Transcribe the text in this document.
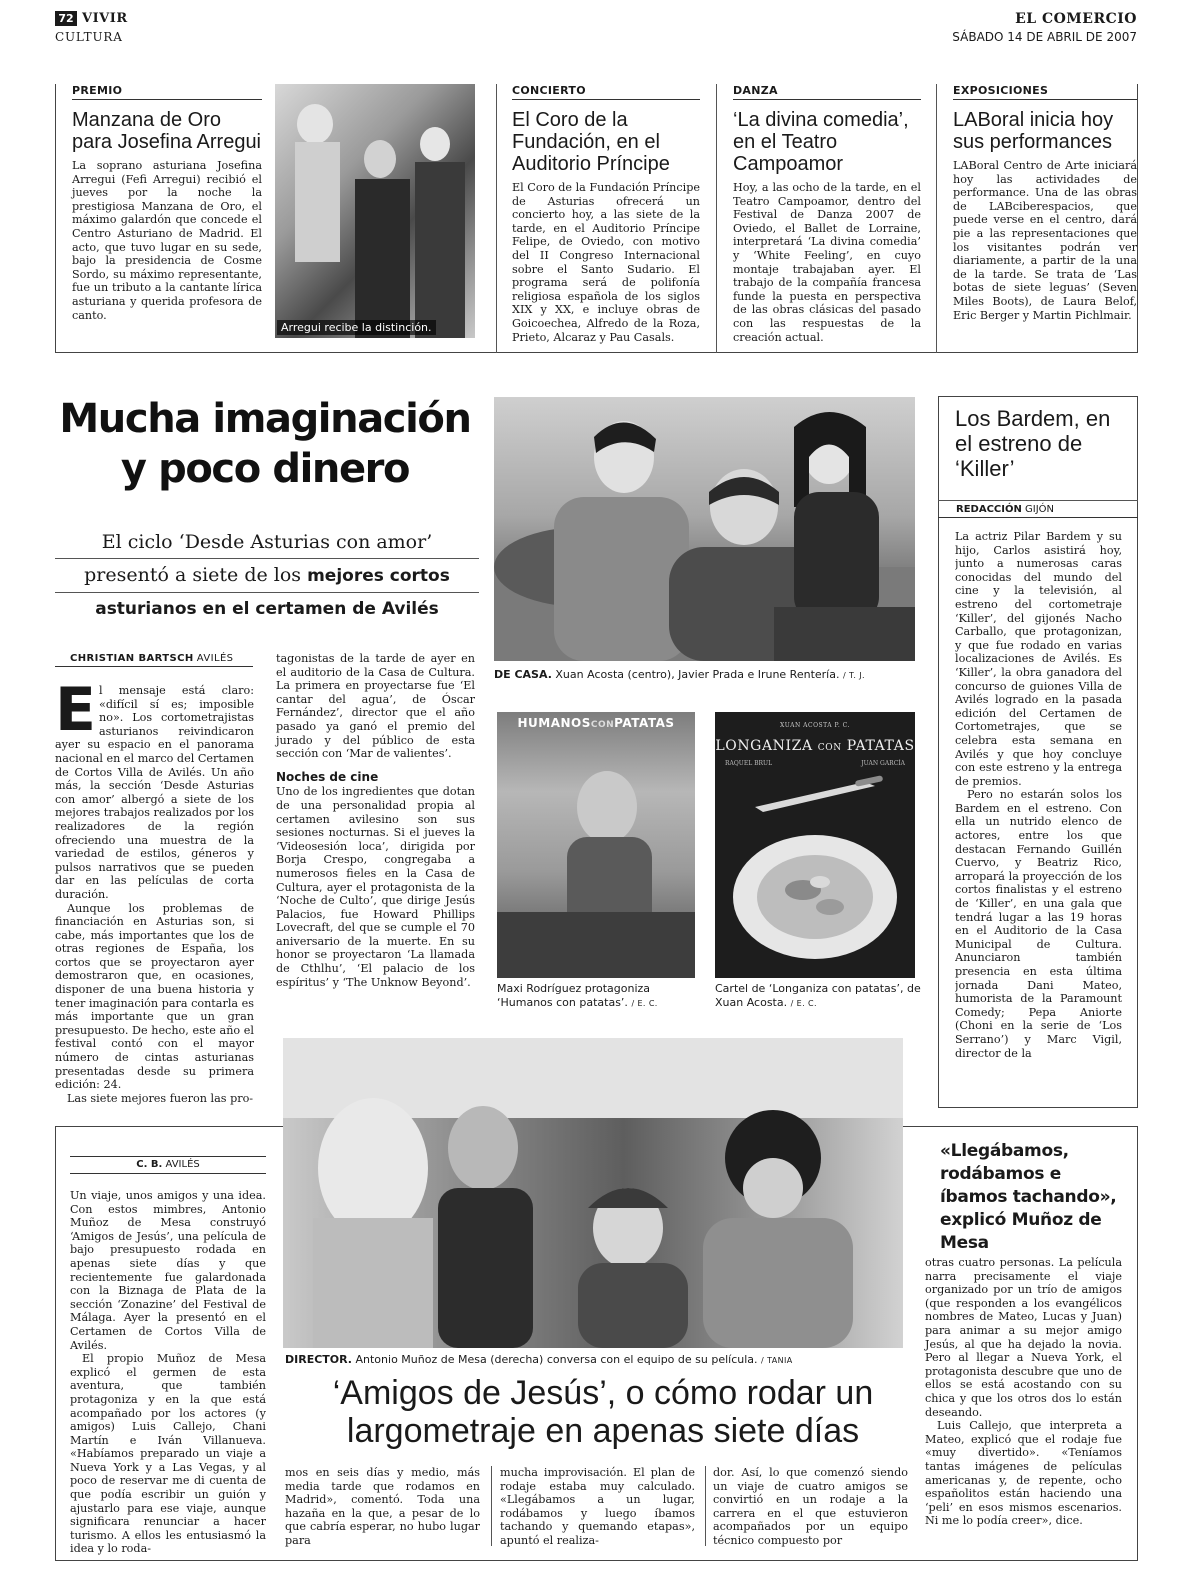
72 VIVIR
CULTURA
EL COMERCIO
SÁBADO 14 DE ABRIL DE 2007
PREMIO
Manzana de Oro para Josefina Arregui
La soprano asturiana Josefina Arregui (Fefi Arregui) recibió el jueves por la noche la prestigiosa Manzana de Oro, el máximo galardón que concede el Centro Asturiano de Madrid. El acto, que tuvo lugar en su sede, bajo la presidencia de Cosme Sordo, su máximo representante, fue un tributo a la cantante lírica asturiana y querida profesora de canto.
Arregui recibe la distinción.
CONCIERTO
El Coro de la Fundación, en el Auditorio Príncipe
El Coro de la Fundación Príncipe de Asturias ofrecerá un concierto hoy, a las siete de la tarde, en el Auditorio Príncipe Felipe, de Oviedo, con motivo del II Congreso Internacional sobre el Santo Sudario. El programa será de polifonía religiosa española de los siglos XIX y XX, e incluye obras de Goicoechea, Alfredo de la Roza, Prieto, Alcaraz y Pau Casals.
DANZA
‘La divina comedia’, en el Teatro Campoamor
Hoy, a las ocho de la tarde, en el Teatro Campoamor, dentro del Festival de Danza 2007 de Oviedo, el Ballet de Lorraine, interpretará ‘La divina comedia’ y ‘White Feeling’, en cuyo montaje trabajaban ayer. El trabajo de la compañía francesa funde la puesta en perspectiva de las obras clásicas del pasado con las respuestas de la creación actual.
EXPOSICIONES
LABoral inicia hoy sus performances
LABoral Centro de Arte iniciará hoy las actividades de performance. Una de las obras de LABciberespacios, que puede verse en el centro, dará pie a las representaciones que los visitantes podrán ver diariamente, a partir de la una de la tarde. Se trata de ‘Las botas de siete leguas’ (Seven Miles Boots), de Laura Belof, Eric Berger y Martin Pichlmair.
Mucha imaginación
y poco dinero
El ciclo ‘Desde Asturias con amor’
presentó a siete de los mejores cortos
asturianos en el certamen de Avilés
CHRISTIAN BARTSCH AVILÉS

El mensaje está claro: «difícil sí es; imposible no». Los cortometrajistas asturianos reivindicaron ayer su espacio en el panorama nacional en el marco del Certamen de Cortos Villa de Avilés. Un año más, la sección ‘Desde Asturias con amor’ albergó a siete de los mejores trabajos realizados por los realizadores de la región ofreciendo una muestra de la variedad de estilos, géneros y pulsos narrativos que se pueden dar en las películas de corta duración.

Aunque los problemas de financiación en Asturias son, si cabe, más importantes que los de otras regiones de España, los cortos que se proyectaron ayer demostraron que, en ocasiones, disponer de una buena historia y tener imaginación para contarla es más importante que un gran presupuesto. De hecho, este año el festival contó con el mayor número de cintas asturianas presentadas desde su primera edición: 24.

Las siete mejores fueron las pro-

tagonistas de la tarde de ayer en el auditorio de la Casa de Cultura. La primera en proyectarse fue ‘El cantar del agua’, de Óscar Fernández’, director que el año pasado ya ganó el premio del jurado y del público de esta sección con ‘Mar de valientes’.

Noches de cine

Uno de los ingredientes que dotan de una personalidad propia al certamen avilesino son sus sesiones nocturnas. Si el jueves la ‘Videosesión loca’, dirigida por Borja Crespo, congregaba a numerosos fieles en la Casa de Cultura, ayer el protagonista de la ‘Noche de Culto’, que dirige Jesús Palacios, fue Howard Phillips Lovecraft, del que se cumple el 70 aniversario de la muerte. En su honor se proyectaron ‘La llamada de Cthlhu’, ‘El palacio de los espíritus’ y ‘The Unknow Beyond’.

DE CASA. Xuan Acosta (centro), Javier Prada e Irune Rentería. / T. J.
HUMANOSCONPATATAS
Maxi Rodríguez protagoniza ‘Humanos con patatas’. / E. C.
XUAN ACOSTA P. C.
LONGANIZA CON PATATAS
RAQUEL BRUL	JUAN GARCÍA
Cartel de ‘Longaniza con patatas’, de Xuan Acosta. / E. C.
Los Bardem, en el estreno de ‘Killer’
REDACCIÓN GIJÓN

La actriz Pilar Bardem y su hijo, Carlos asistirá hoy, junto a numerosas caras conocidas del mundo del cine y la televisión, al estreno del cortometraje ‘Killer’, del gijonés Nacho Carballo, que protagonizan, y que fue rodado en varias localizaciones de Avilés. Es ‘Killer’, la obra ganadora del concurso de guiones Villa de Avilés logrado en la pasada edición del Certamen de Cortometrajes, que se celebra esta semana en Avilés y que hoy concluye con este estreno y la entrega de premios.

Pero no estarán solos los Bardem en el estreno. Con ella un nutrido elenco de actores, entre los que destacan Fernando Guillén Cuervo, y Beatriz Rico, arropará la proyección de los cortos finalistas y el estreno de ‘Killer’, en una gala que tendrá lugar a las 19 horas en el Auditorio de la Casa Municipal de Cultura. Anunciaron también presencia en esta última jornada Dani Mateo, humorista de la Paramount Comedy; Pepa Aniorte (Choni en la serie de ‘Los Serrano’) y Marc Vigil, director de la

C. B. AVILÉS

Un viaje, unos amigos y una idea. Con estos mimbres, Antonio Muñoz de Mesa construyó ‘Amigos de Jesús’, una película de bajo presupuesto rodada en apenas siete días y que recientemente fue galardonada con la Biznaga de Plata de la sección ‘Zonazine’ del Festival de Málaga. Ayer la presentó en el Certamen de Cortos Villa de Avilés.

El propio Muñoz de Mesa explicó el germen de esta aventura, que también protagoniza y en la que está acompañado por los actores (y amigos) Luis Callejo, Chani Martín e Iván Villanueva. «Habíamos preparado un viaje a Nueva York y a Las Vegas, y al poco de reservar me di cuenta de que podía escribir un guión y ajustarlo para ese viaje, aunque significara renunciar a hacer turismo. A ellos les entusiasmó la idea y lo roda-

DIRECTOR. Antonio Muñoz de Mesa (derecha) conversa con el equipo de su película. / TANIA
‘Amigos de Jesús’, o cómo rodar un
largometraje en apenas siete días
mos en seis días y medio, más media tarde que rodamos en Madrid», comentó. Toda una hazaña en la que, a pesar de lo que cabría esperar, no hubo lugar para
mucha improvisación. El plan de rodaje estaba muy calculado. «Llegábamos a un lugar, rodábamos y luego íbamos tachando y quemando etapas», apuntó el realiza-
dor. Así, lo que comenzó siendo un viaje de cuatro amigos se convirtió en un rodaje a la carrera en el que estuvieron acompañados por un equipo técnico compuesto por
«Llegábamos, rodábamos e íbamos tachando», explicó Muñoz de Mesa

otras cuatro personas. La película narra precisamente el viaje organizado por un trío de amigos (que responden a los evangélicos nombres de Mateo, Lucas y Juan) para animar a su mejor amigo Jesús, al que ha dejado la novia. Pero al llegar a Nueva York, el protagonista descubre que uno de ellos se está acostando con su chica y que los otros dos lo están deseando.

Luis Callejo, que interpreta a Mateo, explicó que el rodaje fue «muy divertido». «Teníamos tantas imágenes de películas americanas y, de repente, ocho españolitos están haciendo una ‘peli’ en esos mismos escenarios. Ni me lo podía creer», dice.
